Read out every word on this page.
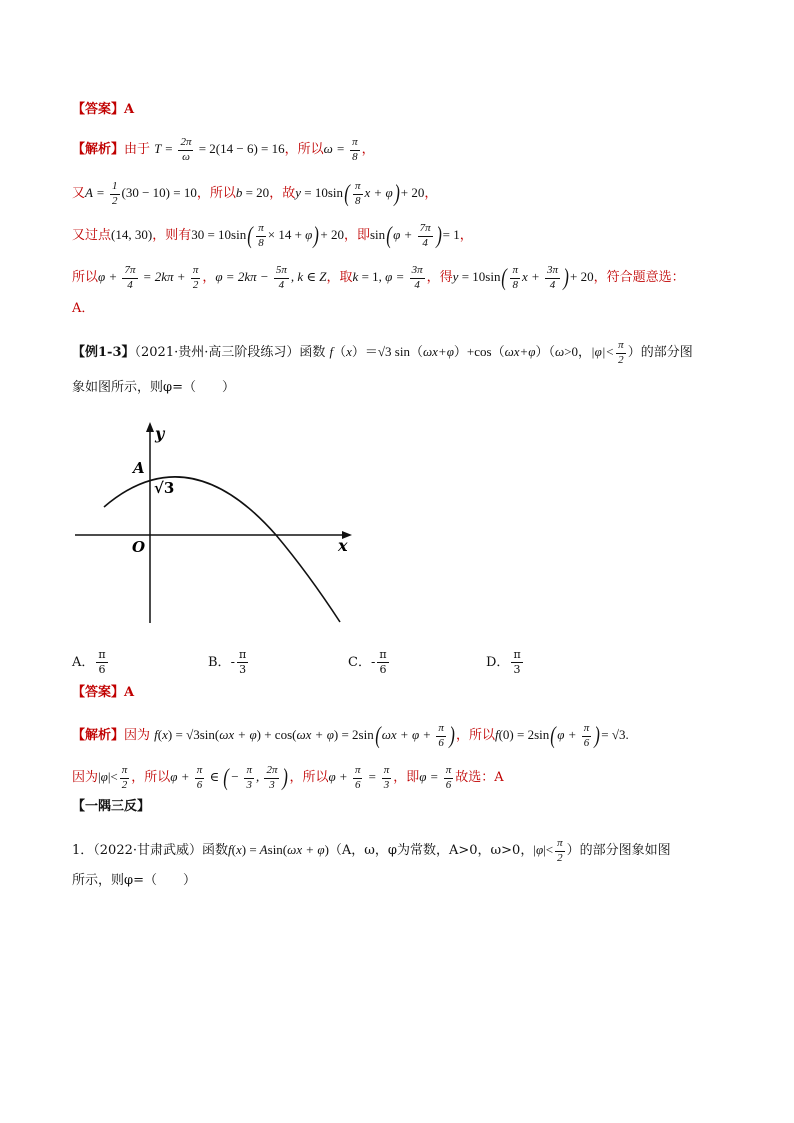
【答案】A
【解析】由于 $T = \frac{2\pi}{\omega} = 2(14 - 6) = 16$，所以$\omega = \frac{\pi}{8}$ ，
又$A = \frac{1}{2} (30 - 10) = 10$，所以b = 20，故$y = 10\sin( \frac{\pi}{8}$ x + φ)+ 20，
又过点(14, 30)，则有$30 = 10\sin( \frac{\pi}{8} \times 14 + \varphi)+ 20$，即$\sin(\varphi + \frac{7\pi}{4}$ )= 1，
所以$\varphi + \frac{7\pi}{4} = 2k\pi + \frac{\pi}{2}$ ，$\varphi = 2k\pi - \frac{5\pi}{4}$ , k ∈ Z，取k = 1, $\varphi = \frac{3\pi}{4}$ ，得$y = 10\sin( \frac{\pi}{8}$ $x + \frac{3\pi}{4}$ )+ 20，符合题意选：
A．
【例1-3】（2021·贵州·高三阶段练习）函数 f（x）＝√3 sin（ωx+φ）+cos（ωx+φ）（ω>0，$|\varphi|< \frac{\pi}{2}$ ）的部分图
象如图所示，则φ=（　　）
y
x
O
A
√3
A． $\frac{\pi}{6}$	B．- $\frac{\pi}{3}$	C．- $\frac{\pi}{6}$	D． $\frac{\pi}{3}$
【答案】A
【解析】因为 $f(x) = √3\sin(\omega x + \varphi) + \cos(\omega x + \varphi) = 2\sin(\omega x + \varphi + \frac{\pi}{6}$ )，所以$f(0) = 2\sin(\varphi + \frac{\pi}{6}$ )= √3.
因为$|\varphi|< \frac{\pi}{2}$ ，所以$\varphi + \frac{\pi}{6}$ ∈ (− $\frac{\pi}{3}$ , $\frac{2\pi}{3}$ )，所以$\varphi + \frac{\pi}{6} = \frac{\pi}{3}$ ，即$\varphi = \frac{\pi}{6}$ 故选：A
【一隅三反】
1．（2022·甘肃武威）函数f(x) = Asin(ωx + φ)（A，ω，φ为常数，A>0，ω>0，$|\varphi|< \frac{\pi}{2}$ ）的部分图象如图
所示，则φ=（　　）
